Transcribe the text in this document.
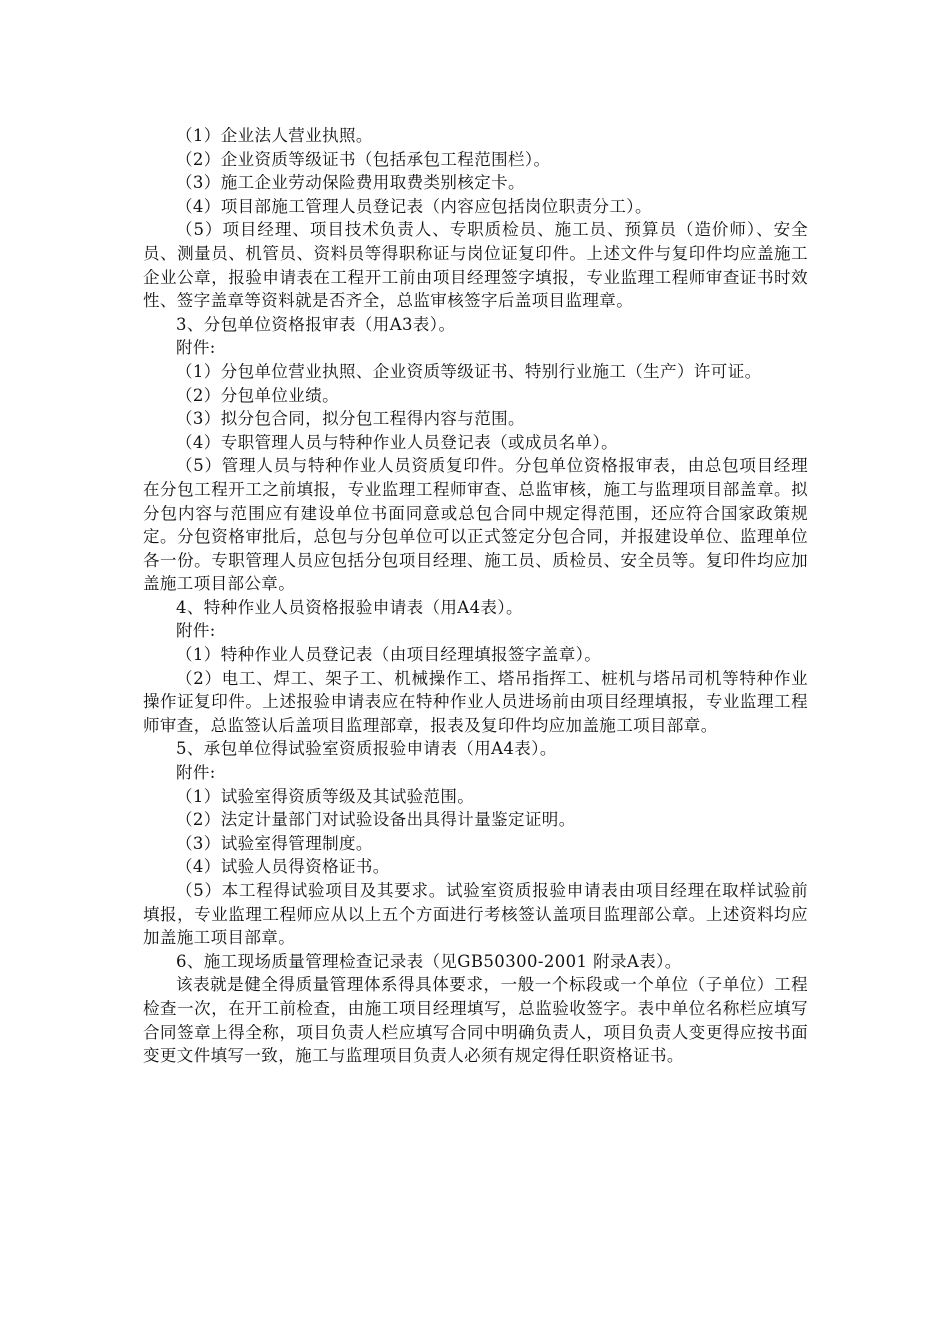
（1）企业法人营业执照。

（2）企业资质等级证书（包括承包工程范围栏）。

（3）施工企业劳动保险费用取费类别核定卡。

（4）项目部施工管理人员登记表（内容应包括岗位职责分工）。

（5）项目经理、项目技术负责人、专职质检员、施工员、预算员（造价师）、安全员、测量员、机管员、资料员等得职称证与岗位证复印件。上述文件与复印件均应盖施工企业公章，报验申请表在工程开工前由项目经理签字填报，专业监理工程师审查证书时效性、签字盖章等资料就是否齐全，总监审核签字后盖项目监理章。

3、分包单位资格报审表（用A3表）。

附件:

（1）分包单位营业执照、企业资质等级证书、特别行业施工（生产）许可证。

（2）分包单位业绩。

（3）拟分包合同，拟分包工程得内容与范围。

（4）专职管理人员与特种作业人员登记表（或成员名单）。

（5）管理人员与特种作业人员资质复印件。分包单位资格报审表，由总包项目经理在分包工程开工之前填报，专业监理工程师审查、总监审核，施工与监理项目部盖章。拟分包内容与范围应有建设单位书面同意或总包合同中规定得范围，还应符合国家政策规定。分包资格审批后，总包与分包单位可以正式签定分包合同，并报建设单位、监理单位各一份。专职管理人员应包括分包项目经理、施工员、质检员、安全员等。复印件均应加盖施工项目部公章。

4、特种作业人员资格报验申请表（用A4表）。

附件:

（1）特种作业人员登记表（由项目经理填报签字盖章）。

（2）电工、焊工、架子工、机械操作工、塔吊指挥工、桩机与塔吊司机等特种作业操作证复印件。上述报验申请表应在特种作业人员进场前由项目经理填报，专业监理工程师审查，总监签认后盖项目监理部章，报表及复印件均应加盖施工项目部章。

5、承包单位得试验室资质报验申请表（用A4表）。

附件:

（1）试验室得资质等级及其试验范围。

（2）法定计量部门对试验设备出具得计量鉴定证明。

（3）试验室得管理制度。

（4）试验人员得资格证书。

（5）本工程得试验项目及其要求。试验室资质报验申请表由项目经理在取样试验前填报，专业监理工程师应从以上五个方面进行考核签认盖项目监理部公章。上述资料均应加盖施工项目部章。

6、施工现场质量管理检查记录表（见GB50300-2001 附录A表）。

该表就是健全得质量管理体系得具体要求，一般一个标段或一个单位（子单位）工程检查一次，在开工前检查，由施工项目经理填写，总监验收签字。表中单位名称栏应填写合同签章上得全称，项目负责人栏应填写合同中明确负责人，项目负责人变更得应按书面变更文件填写一致，施工与监理项目负责人必须有规定得任职资格证书。
